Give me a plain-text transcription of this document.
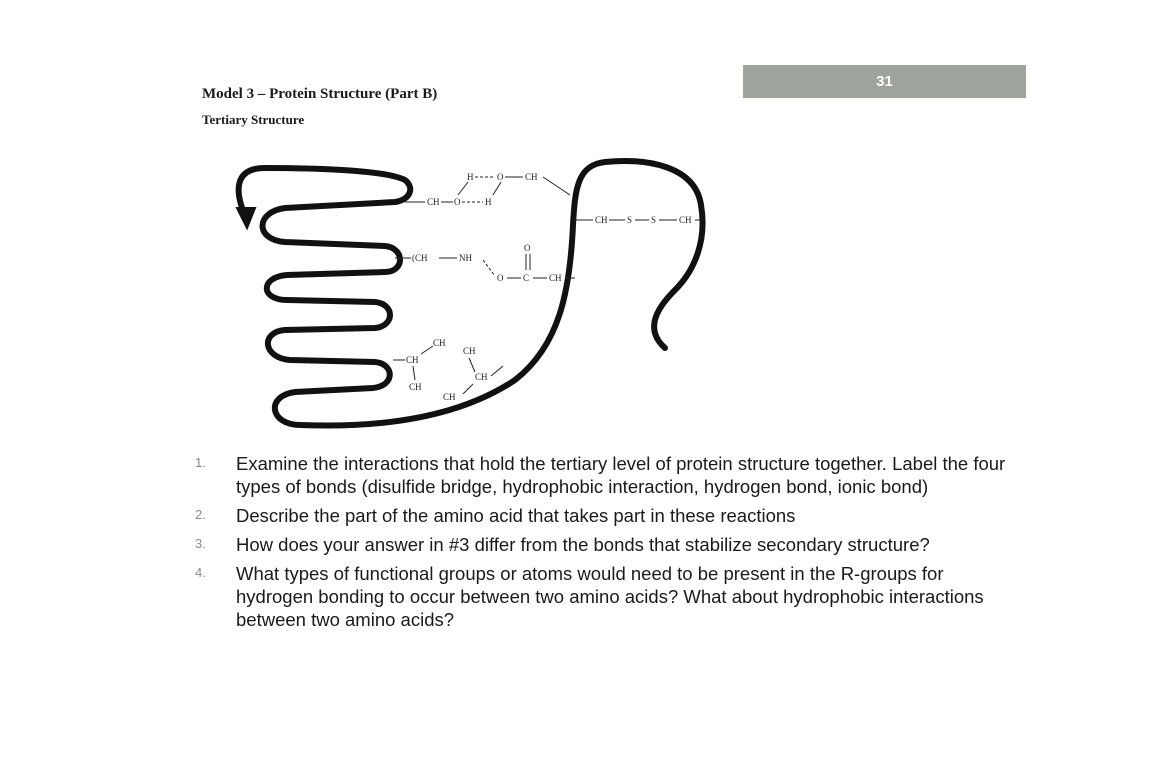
31
Model 3 – Protein Structure (Part B)
Tertiary Structure
CH O	H
H	O CH
CH S S	CH
(CH	NH
O C
O
CH
CH
CH
CH
CH
CH
CH
1. Examine the interactions that hold the tertiary level of protein structure together. Label the four types of bonds (disulfide bridge, hydrophobic interaction, hydrogen bond, ionic bond)
2. Describe the part of the amino acid that takes part in these reactions
3. How does your answer in #3 differ from the bonds that stabilize secondary structure?
4. What types of functional groups or atoms would need to be present in the R-groups for hydrogen bonding to occur between two amino acids? What about hydrophobic interactions between two amino acids?
